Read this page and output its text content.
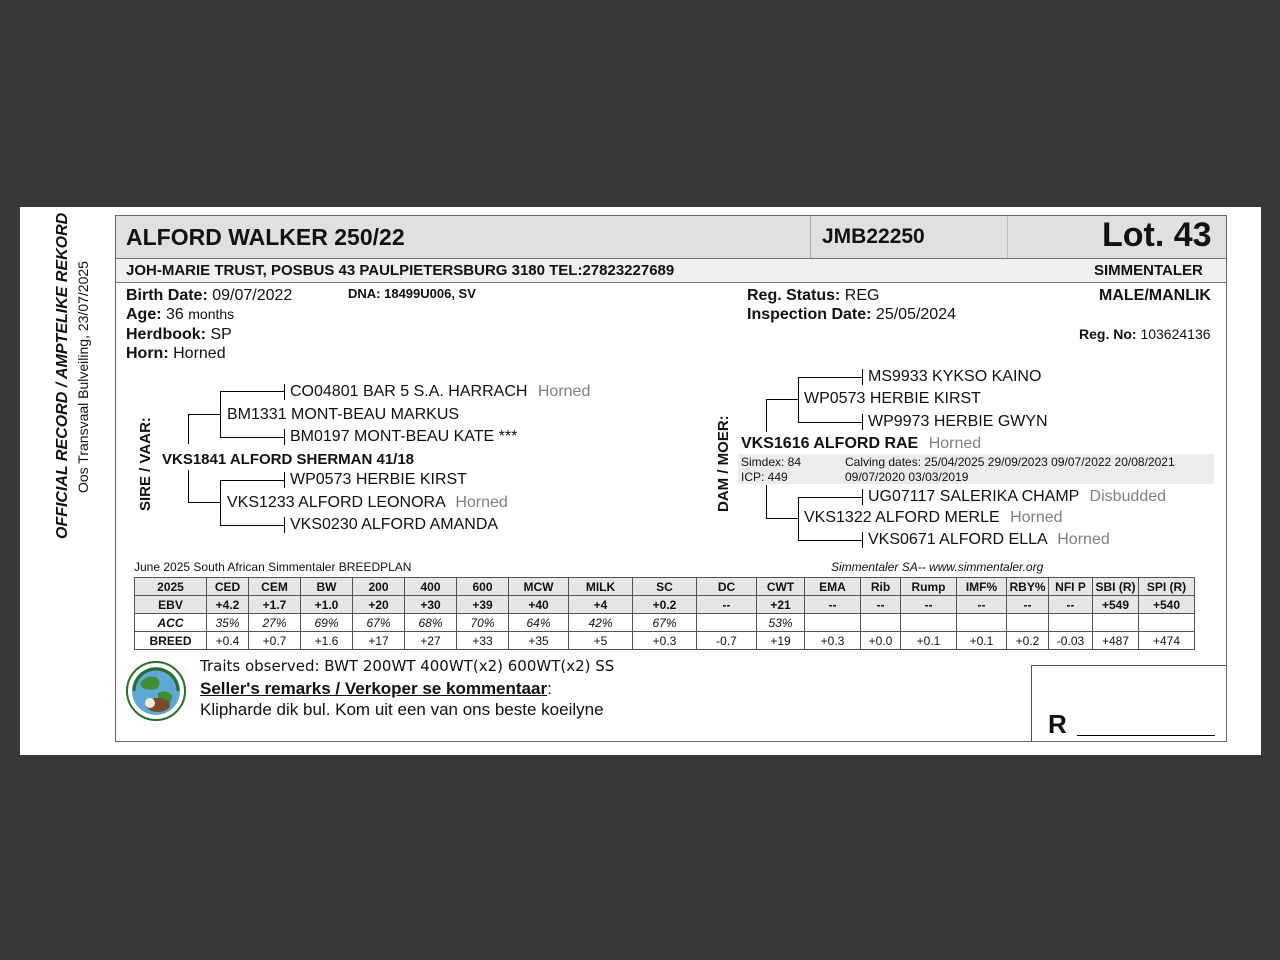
OFFICIAL RECORD / AMPTELIKE REKORD Oos Transvaal Bulveiling, 23/07/2025
ALFORD WALKER 250/22	JMB22250	Lot. 43
JOH-MARIE TRUST, POSBUS 43 PAULPIETERSBURG 3180 TEL:27823227689	SIMMENTALER
Birth Date: 09/07/2022	DNA: 18499U006, SV
Age: 36 months
Herdbook: SP
Horn: Horned
Reg. Status: REG
Inspection Date: 25/05/2024
MALE/MANLIK
Reg. No: 103624136
SIRE / VAAR:
CO04801 BAR 5 S.A. HARRACH Horned
BM1331 MONT-BEAU MARKUS
BM0197 MONT-BEAU KATE ***
VKS1841 ALFORD SHERMAN 41/18
WP0573 HERBIE KIRST
VKS1233 ALFORD LEONORA Horned
VKS0230 ALFORD AMANDA
DAM / MOER:
MS9933 KYKSO KAINO
WP0573 HERBIE KIRST
WP9973 HERBIE GWYN
VKS1616 ALFORD RAE Horned
Simdex: 84
ICP: 449
Calving dates: 25/04/2025 29/09/2023 09/07/2022 20/08/2021
09/07/2020 03/03/2019
UG07117 SALERIKA CHAMP Disbudded
VKS1322 ALFORD MERLE Horned
VKS0671 ALFORD ELLA Horned
June 2025 South African Simmentaler BREEDPLAN	Simmentaler SA-- www.simmentaler.org
2025	CED	CEM	BW	200	400	600	MCW	MILK	SC	DC	CWT	EMA	Rib	Rump	IMF%	RBY%	NFI P	SBI (R)	SPI (R)
EBV	+4.2	+1.7	+1.0	+20	+30	+39	+40	+4	+0.2	--	+21	--	--	--	--	--	--	+549	+540
ACC	35%	27%	69%	67%	68%	70%	64%	42%	67%		53%								
BREED	+0.4	+0.7	+1.6	+17	+27	+33	+35	+5	+0.3	-0.7	+19	+0.3	+0.0	+0.1	+0.1	+0.2	-0.03	+487	+474
Traits observed: BWT 200WT 400WT(x2) 600WT(x2) SS
Seller's remarks / Verkoper se kommentaar:
Klipharde dik bul. Kom uit een van ons beste koeilyne	R
